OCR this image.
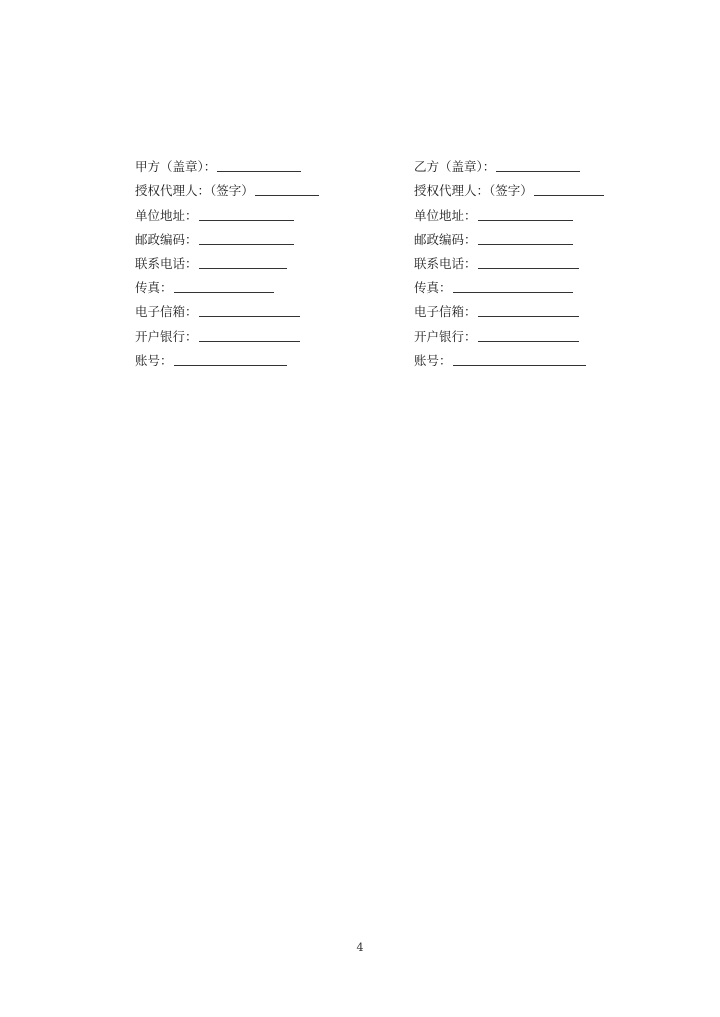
甲方（盖章）：
授权代理人：（签字）
单位地址：
邮政编码：
联系电话：
传真：
电子信箱：
开户银行：
账号：
乙方（盖章）：
授权代理人：（签字）
单位地址：
邮政编码：
联系电话：
传真：
电子信箱：
开户银行：
账号：
4
